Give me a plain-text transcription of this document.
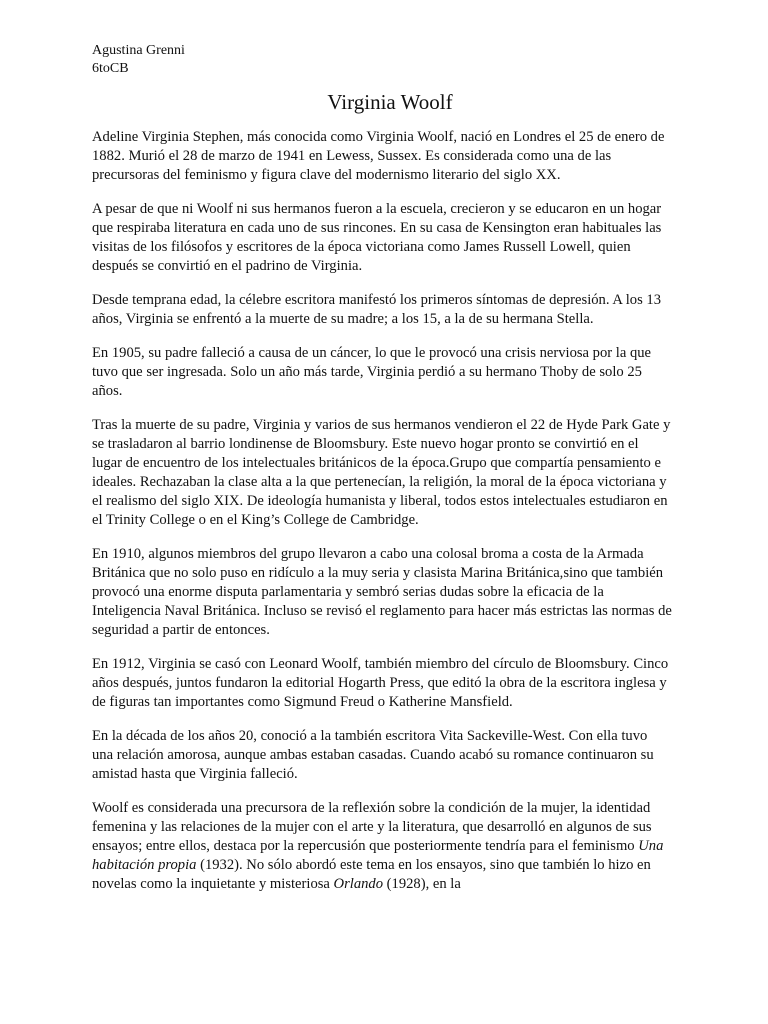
Agustina Grenni
6toCB
Virginia Woolf

Adeline Virginia Stephen, más conocida como Virginia Woolf, nació en Londres el 25 de enero de 1882. Murió el 28 de marzo de 1941 en Lewess, Sussex. Es considerada como una de las precursoras del feminismo y figura clave del modernismo literario del siglo XX.

A pesar de que ni Woolf ni sus hermanos fueron a la escuela, crecieron y se educaron en un hogar que respiraba literatura en cada uno de sus rincones. En su casa de Kensington eran habituales las visitas de los filósofos y escritores de la época victoriana como James Russell Lowell, quien después se convirtió en el padrino de Virginia.

Desde temprana edad, la célebre escritora manifestó los primeros síntomas de depresión. A los 13 años, Virginia se enfrentó a la muerte de su madre; a los 15, a la de su hermana Stella.

En 1905, su padre falleció a causa de un cáncer, lo que le provocó una crisis nerviosa por la que tuvo que ser ingresada. Solo un año más tarde, Virginia perdió a su hermano Thoby de solo 25 años.

Tras la muerte de su padre, Virginia y varios de sus hermanos vendieron el 22 de Hyde Park Gate y se trasladaron al barrio londinense de Bloomsbury. Este nuevo hogar pronto se convirtió en el lugar de encuentro de los intelectuales británicos de la época.Grupo que compartía pensamiento e ideales. Rechazaban la clase alta a la que pertenecían, la religión, la moral de la época victoriana y el realismo del siglo XIX. De ideología humanista y liberal, todos estos intelectuales estudiaron en el Trinity College o en el King’s College de Cambridge.

En 1910, algunos miembros del grupo llevaron a cabo una colosal broma a costa de la Armada Británica que no solo puso en ridículo a la muy seria y clasista Marina Británica,sino que también provocó una enorme disputa parlamentaria y sembró serias dudas sobre la eficacia de la Inteligencia Naval Británica. Incluso se revisó el reglamento para hacer más estrictas las normas de seguridad a partir de entonces.

En 1912, Virginia se casó con Leonard Woolf, también miembro del círculo de Bloomsbury. Cinco años después, juntos fundaron la editorial Hogarth Press, que editó la obra de la escritora inglesa y de figuras tan importantes como Sigmund Freud o Katherine Mansfield.

En la década de los años 20, conoció a la también escritora Vita Sackeville-West. Con ella tuvo una relación amorosa, aunque ambas estaban casadas. Cuando acabó su romance continuaron su amistad hasta que Virginia falleció.

Woolf es considerada una precursora de la reflexión sobre la condición de la mujer, la identidad femenina y las relaciones de la mujer con el arte y la literatura, que desarrolló en algunos de sus ensayos; entre ellos, destaca por la repercusión que posteriormente tendría para el feminismo Una habitación propia (1932). No sólo abordó este tema en los ensayos, sino que también lo hizo en novelas como la inquietante y misteriosa Orlando (1928), en la
